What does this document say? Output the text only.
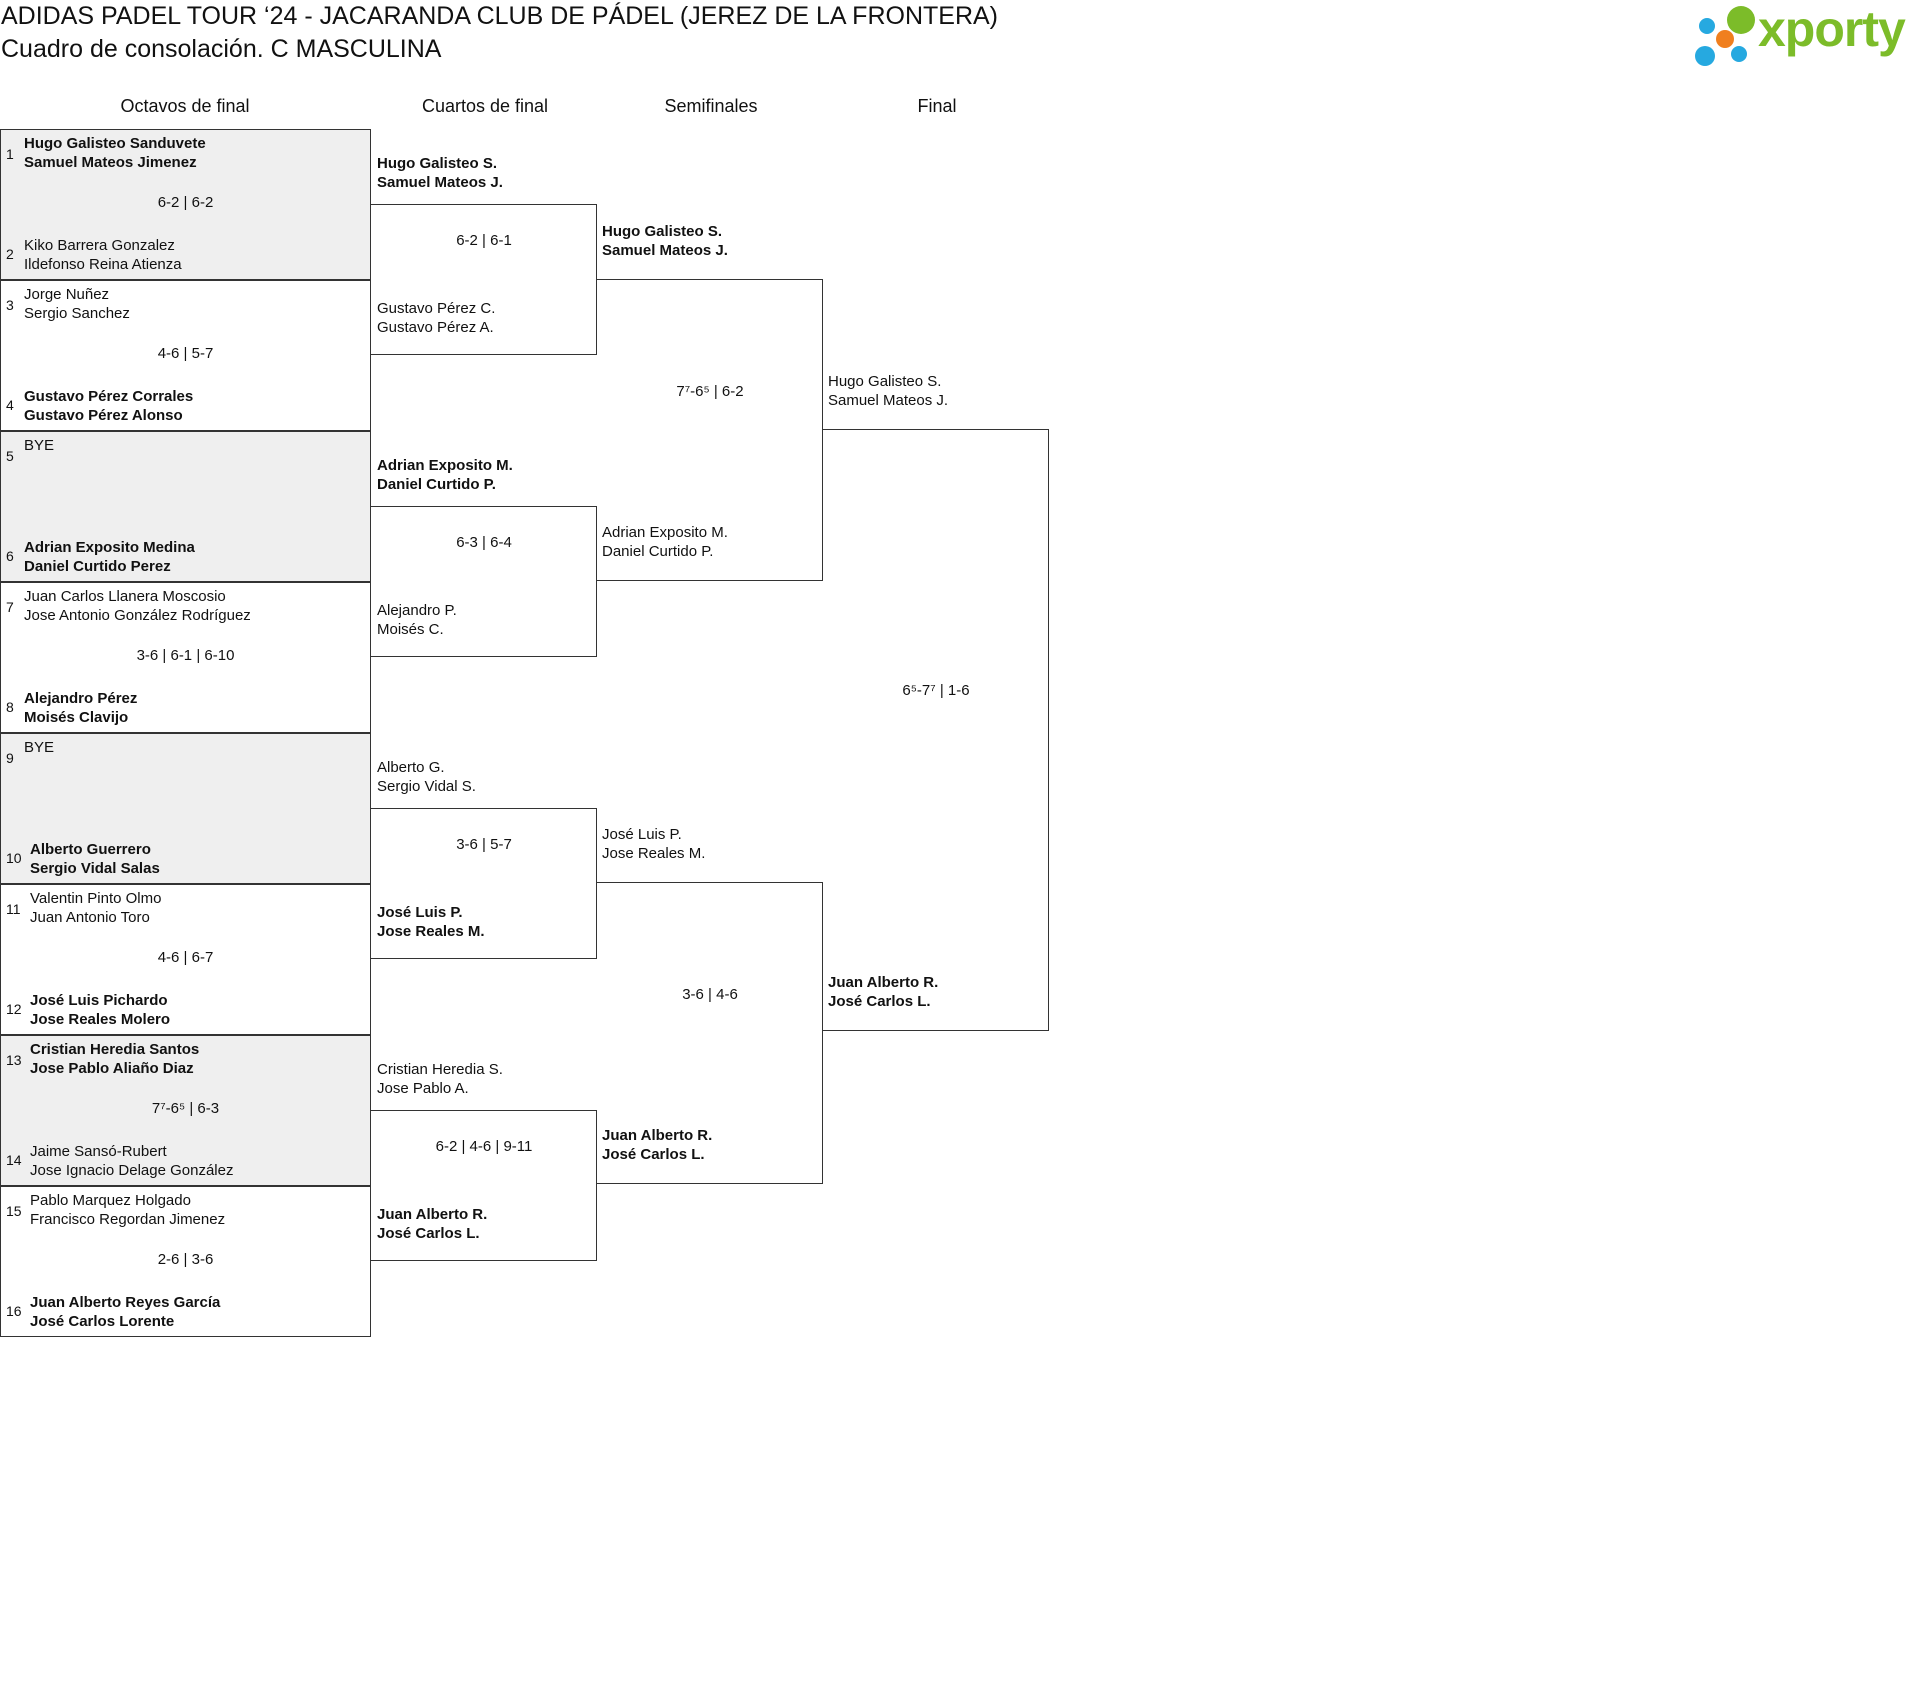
ADIDAS PADEL TOUR ‘24 - JACARANDA CLUB DE PÁDEL (JEREZ DE LA FRONTERA)
Cuadro de consolación. C MASCULINA	xporty
Octavos de final	Cuartos de final	Semifinales	Final
1
Hugo Galisteo Sanduvete
Samuel Mateos Jimenez
2 Kiko Barrera Gonzalez
Ildefonso Reina Atienza
6-2 | 6-2
3
Jorge Nuñez
Sergio Sanchez
4 Gustavo Pérez Corrales
Gustavo Pérez Alonso
4-6 | 5-7
5
BYE
6 Adrian Exposito Medina
Daniel Curtido Perez
7
Juan Carlos Llanera Moscosio
Jose Antonio González Rodríguez
8 Alejandro Pérez
Moisés Clavijo
3-6 | 6-1 | 6-10
9
BYE
10 Alberto Guerrero
Sergio Vidal Salas
11
Valentin Pinto Olmo
Juan Antonio Toro
12 José Luis Pichardo
Jose Reales Molero
4-6 | 6-7
13
Cristian Heredia Santos
Jose Pablo Aliaño Diaz
14 Jaime Sansó-Rubert
Jose Ignacio Delage González
7⁷-6⁵ | 6-3
15
Pablo Marquez Holgado
Francisco Regordan Jimenez
16 Juan Alberto Reyes García
José Carlos Lorente
2-6 | 3-6
Hugo Galisteo S.
Samuel Mateos J.
Gustavo Pérez C.
Gustavo Pérez A.
6-2 | 6-1
Adrian Exposito M.
Daniel Curtido P.
Alejandro P.
Moisés C.
6-3 | 6-4
Alberto G.
Sergio Vidal S.
José Luis P.
Jose Reales M.
3-6 | 5-7
Cristian Heredia S.
Jose Pablo A.
Juan Alberto R.
José Carlos L.
6-2 | 4-6 | 9-11
Hugo Galisteo S.
Samuel Mateos J.
Adrian Exposito M.
Daniel Curtido P.
7⁷-6⁵ | 6-2
José Luis P.
Jose Reales M.
Juan Alberto R.
José Carlos L.
3-6 | 4-6
Hugo Galisteo S.
Samuel Mateos J.
Juan Alberto R.
José Carlos L.
6⁵-7⁷ | 1-6
